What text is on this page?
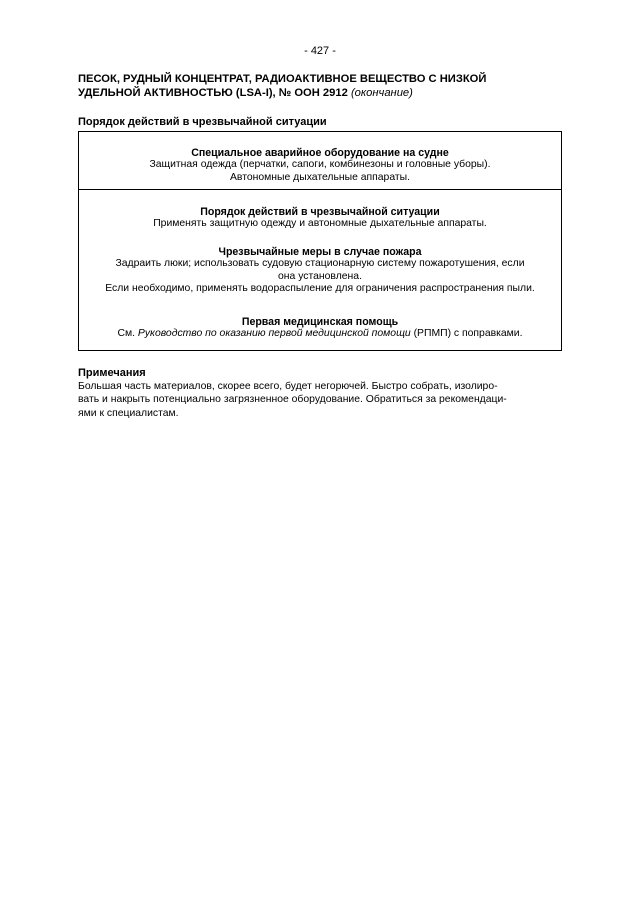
- 427 -
ПЕСОК, РУДНЫЙ КОНЦЕНТРАТ, РАДИОАКТИВНОЕ ВЕЩЕСТВО С НИЗКОЙ
УДЕЛЬНОЙ АКТИВНОСТЬЮ (LSA-I), № ООН 2912 (окончание)
Порядок действий в чрезвычайной ситуации
Специальное аварийное оборудование на судне
Защитная одежда (перчатки, сапоги, комбинезоны и головные уборы).
Автономные дыхательные аппараты.
Порядок действий в чрезвычайной ситуации
Применять защитную одежду и автономные дыхательные аппараты.
Чрезвычайные меры в случае пожара
Задраить люки; использовать судовую стационарную систему пожаротушения, если
она установлена.
Если необходимо, применять водораспыление для ограничения распространения пыли.
Первая медицинская помощь
См. Руководство по оказанию первой медицинской помощи (РПМП) с поправками.
Примечания
Большая часть материалов, скорее всего, будет негорючей. Быстро собрать, изолиро-
вать и накрыть потенциально загрязненное оборудование. Обратиться за рекомендаци-
ями к специалистам.
